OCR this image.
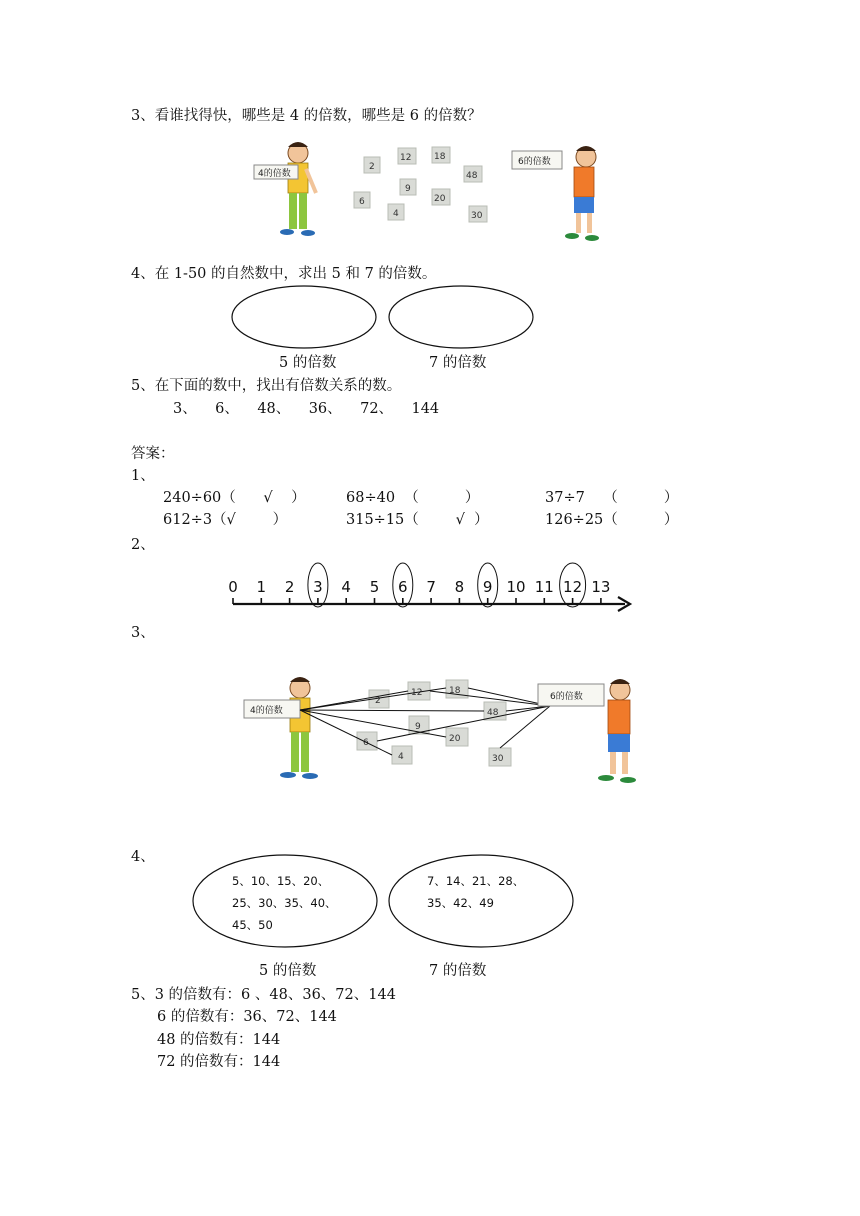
3、看谁找得快，哪些是 4 的倍数，哪些是 6 的倍数？
4的倍数
2
12	18
9
48
6
4
20
30
6的倍数
4、在 1-50 的自然数中，求出 5 和 7 的倍数。
5 的倍数	7 的倍数
5、在下面的数中，找出有倍数关系的数。
3、    6、    48、    36、    72、    144
答案：
1、
240÷60（      √    ）	68÷40  （          ）	37÷7    （          ）
612÷3（√        ）	315÷15（        √  ）	126÷25（          ）
2、
0 1 2 3 4 5 6 7 8 9 10 11 12 13
3、
4的倍数
2
12	18
9
48
6
4
20
30
6的倍数
4、
5、10、15、20、
25、30、35、40、
45、50
7、14、21、28、
35、42、49
5 的倍数	7 的倍数
5、3 的倍数有：6 、48、36、72、144
6 的倍数有：36、72、144
48 的倍数有：144
72 的倍数有：144
